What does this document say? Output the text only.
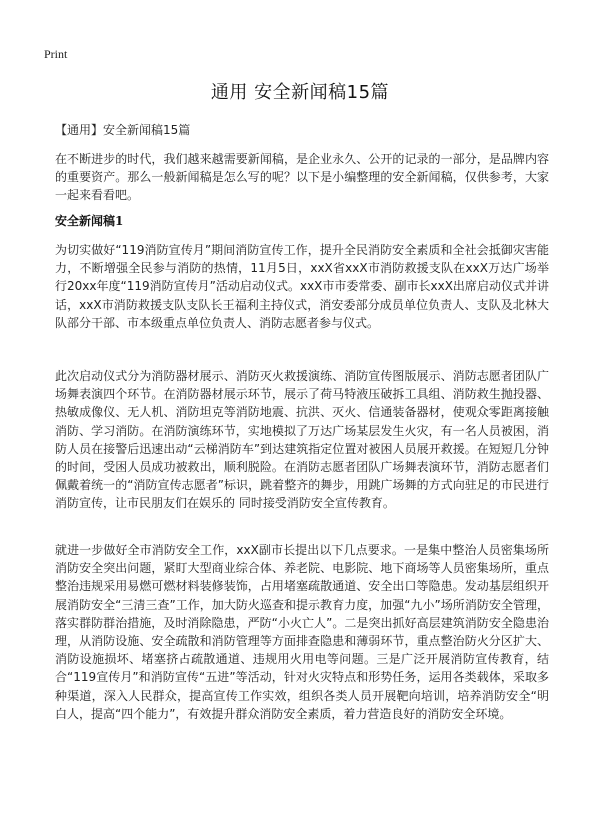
Print
通用 安全新闻稿15篇
【通用】安全新闻稿15篇

在不断进步的时代，我们越来越需要新闻稿，是企业永久、公开的记录的一部分，是品牌内容的重要资产。那么一般新闻稿是怎么写的呢？以下是小编整理的安全新闻稿，仅供参考，大家一起来看看吧。

安全新闻稿1

为切实做好“119消防宣传月”期间消防宣传工作，提升全民消防安全素质和全社会抵御灾害能力，不断增强全民参与消防的热情，11月5日，xxX省xxX市消防救援支队在xxX万达广场举行20xx年度“119消防宣传月”活动启动仪式。xxX市市委常委、副市长xxX出席启动仪式并讲话，xxX市消防救援支队支队长王福利主持仪式，消安委部分成员单位负责人、支队及北林大队部分干部、市本级重点单位负责人、消防志愿者参与仪式。

此次启动仪式分为消防器材展示、消防灭火救援演练、消防宣传图版展示、消防志愿者团队广场舞表演四个环节。在消防器材展示环节，展示了荷马特液压破拆工具组、消防救生抛投器、热敏成像仪、无人机、消防坦克等消防地震、抗洪、灭火、信通装备器材，使观众零距离接触消防、学习消防。在消防演练环节，实地模拟了万达广场某层发生火灾，有一名人员被困，消防人员在接警后迅速出动“云梯消防车”到达建筑指定位置对被困人员展开救援。在短短几分钟的时间，受困人员成功被救出，顺利脱险。在消防志愿者团队广场舞表演环节，消防志愿者们佩戴着统一的“消防宣传志愿者”标识，跳着整齐的舞步，用跳广场舞的方式向驻足的市民进行消防宣传，让市民朋友们在娱乐的 同时接受消防安全宣传教育。

就进一步做好全市消防安全工作，xxX副市长提出以下几点要求。一是集中整治人员密集场所消防安全突出问题，紧盯大型商业综合体、养老院、电影院、地下商场等人员密集场所，重点整治违规采用易燃可燃材料装修装饰，占用堵塞疏散通道、安全出口等隐患。发动基层组织开展消防安全“三清三查”工作，加大防火巡查和提示教育力度，加强“九小”场所消防安全管理，落实群防群治措施，及时消除隐患，严防“小火亡人”。二是突出抓好高层建筑消防安全隐患治理，从消防设施、安全疏散和消防管理等方面排查隐患和薄弱环节，重点整治防火分区扩大、消防设施损坏、堵塞挤占疏散通道、违规用火用电等问题。三是广泛开展消防宣传教育，结合“119宣传月”和消防宣传“五进”等活动，针对火灾特点和形势任务，运用各类载体，采取多种渠道，深入人民群众，提高宣传工作实效，组织各类人员开展靶向培训，培养消防安全“明白人，提高“四个能力”，有效提升群众消防安全素质，着力营造良好的消防安全环境。
